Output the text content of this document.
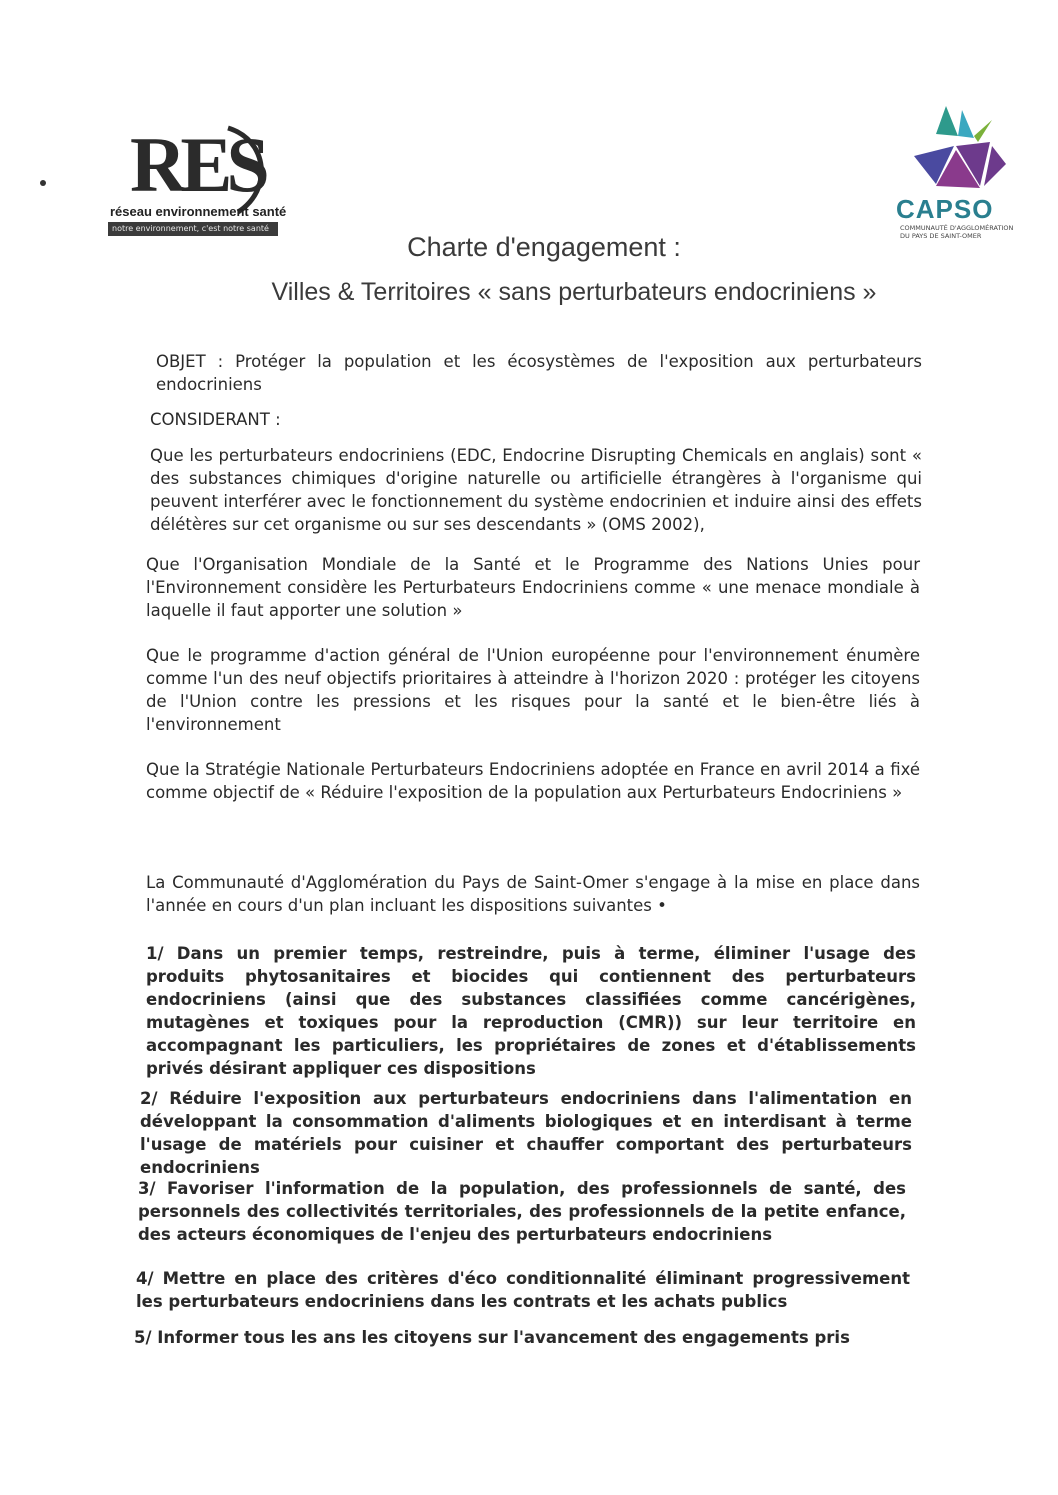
RES
réseau environnement santé
notre environnement, c'est notre santé
CAPSO
COMMUNAUTÉ D'AGGLOMÉRATION DU PAYS DE SAINT-OMER
Charte d'engagement :
Villes & Territoires « sans perturbateurs endocriniens »
OBJET : Protéger la population et les écosystèmes de l'exposition aux perturbateurs endocriniens
CONSIDERANT :
Que les perturbateurs endocriniens (EDC, Endocrine Disrupting Chemicals en anglais) sont « des substances chimiques d'origine naturelle ou artificielle étrangères à l'organisme qui peuvent interférer avec le fonctionnement du système endocrinien et induire ainsi des effets délétères sur cet organisme ou sur ses descendants » (OMS 2002),
Que l'Organisation Mondiale de la Santé et le Programme des Nations Unies pour l'Environnement considère les Perturbateurs Endocriniens comme « une menace mondiale à laquelle il faut apporter une solution »
Que le programme d'action général de l'Union européenne pour l'environnement énumère comme l'un des neuf objectifs prioritaires à atteindre à l'horizon 2020 : protéger les citoyens de l'Union contre les pressions et les risques pour la santé et le bien-être liés à l'environnement
Que la Stratégie Nationale Perturbateurs Endocriniens adoptée en France en avril 2014 a fixé comme objectif de « Réduire l'exposition de la population aux Perturbateurs Endocriniens »
La Communauté d'Agglomération du Pays de Saint-Omer s'engage à la mise en place dans l'année en cours d'un plan incluant les dispositions suivantes •
1/ Dans un premier temps, restreindre, puis à terme, éliminer l'usage des produits phytosanitaires et biocides qui contiennent des perturbateurs endocriniens (ainsi que des substances classifiées comme cancérigènes, mutagènes et toxiques pour la reproduction (CMR)) sur leur territoire en accompagnant les particuliers, les propriétaires de zones et d'établissements privés désirant appliquer ces dispositions
2/ Réduire l'exposition aux perturbateurs endocriniens dans l'alimentation en développant la consommation d'aliments biologiques et en interdisant à terme l'usage de matériels pour cuisiner et chauffer comportant des perturbateurs endocriniens
3/ Favoriser l'information de la population, des professionnels de santé, des personnels des collectivités territoriales, des professionnels de la petite enfance, des acteurs économiques de l'enjeu des perturbateurs endocriniens
4/ Mettre en place des critères d'éco conditionnalité éliminant progressivement les perturbateurs endocriniens dans les contrats et les achats publics
5/ Informer tous les ans les citoyens sur l'avancement des engagements pris
